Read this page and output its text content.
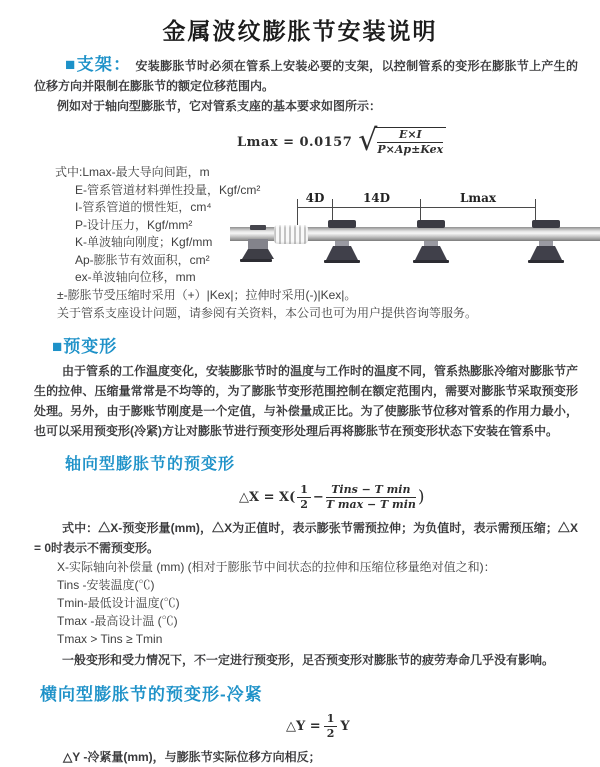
金属波纹膨胀节安装说明

■支架： 安装膨胀节时必须在管系上安装必要的支架，以控制管系的变形在膨胀节上产生的位移方向并限制在膨胀节的额定位移范围内。

例如对于轴向型膨胀节，它对管系支座的基本要求如图所示：

Lmax = 0.0157 √ $\frac{E\times I}{\text{P×Ap±Kex}}$
式中:Lmax-最大导向间距，m
E-管系管道材料弹性投量，Kgf/cm²
I-管系管道的惯性矩，cm⁴
P-设计压力，Kgf/mm²
K-单波轴向刚度；Kgf/mm
Ap-膨胀节有效面积，cm²
ex-单波轴向位移，mm
±-膨胀节受压缩时采用（+）|Kex|；拉伸时采用(-)|Kex|。
关于管系支座设计问题，请参阅有关资料，本公司也可为用户提供咨询等服务。
■预变形

由于管系的工作温度变化，安装膨胀节时的温度与工作时的温度不同，管系热膨胀冷缩对膨胀节产生的拉伸、压缩量常常是不均等的，为了膨胀节变形范围控制在额定范围内，需要对膨胀节采取预变形处理。另外，由于膨账节刚度是一个定值，与补偿量成正比。为了使膨胀节位移对管系的作用力最小，也可以采用预变形(冷紧)方让对膨胀节进行预变形处理后再将膨胀节在预变形状态下安装在管系中。

轴向型膨胀节的预变形
△X = $X( \frac{1}{2} - \frac{\text{Tins − T min}}{\text{T max − T min}}$ )

式中：△X-预变形量(mm)，△X为正值时，表示膨张节需预拉伸；为负值时，表示需预压缩；△X = 0时表示不需预变形。

X-实际轴向补偿量 (mm) (相对于膨胀节中间状态的拉伸和压缩位移量绝对值之和)：
Tins -安装温度(℃)
Tmin-最低设计温度(℃)
Tmax -最高设计温 (℃)
Tmax > Tins ≥ Tmin

一般变形和受力情况下，不一定进行预变形，足否预变形对膨胀节的疲劳寿命几乎没有影响。

横向型膨胀节的预变形-冷紧
△Y = $\frac{1}{2}$ Y

△Y -冷紧量(mm)，与膨胀节实际位移方向相反；

4D	14D	Lmax
